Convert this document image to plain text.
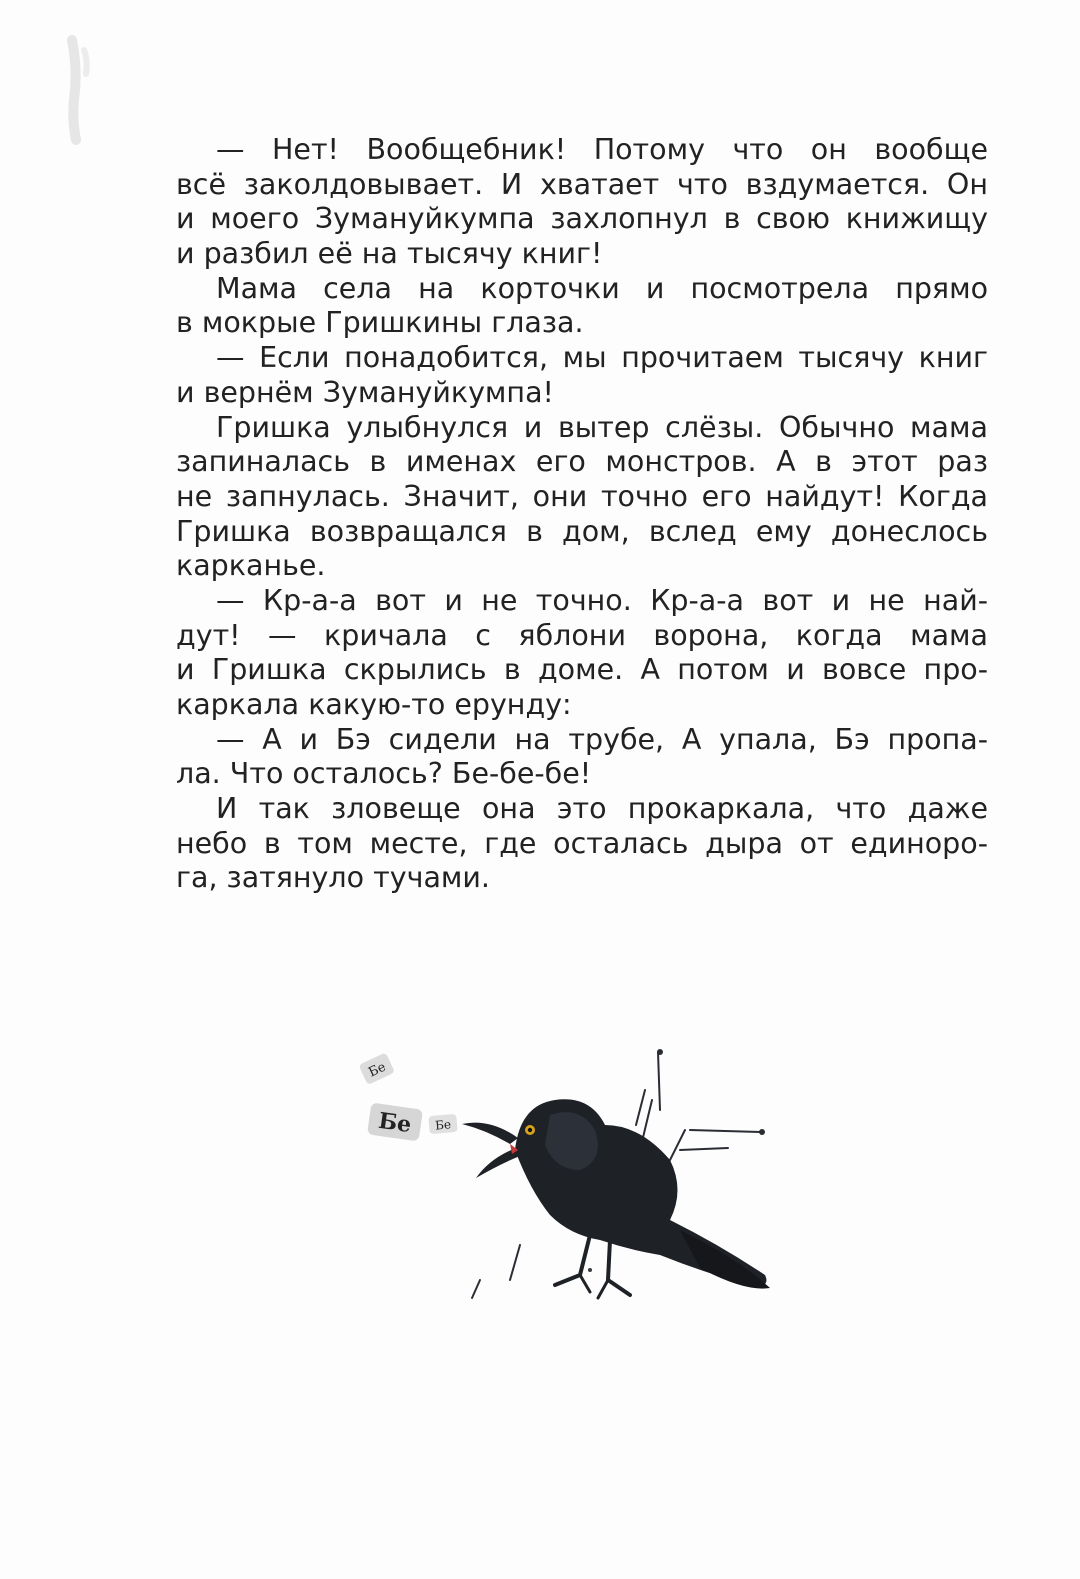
— Нет! Вообщебник! Потому что он вообще
всё заколдовывает. И хватает что вздумается. Он
и моего Зумануйкумпа захлопнул в свою книжищу
и разбил её на тысячу книг!
Мама села на корточки и посмотрела прямо
в мокрые Гришкины глаза.
— Если понадобится, мы прочитаем тысячу книг
и вернём Зумануйкумпа!
Гришка улыбнулся и вытер слёзы. Обычно мама
запиналась в именах его монстров. А в этот раз
не запнулась. Значит, они точно его найдут! Когда
Гришка возвращался в дом, вслед ему донеслось
карканье.
— Кр-а-а вот и не точно. Кр-а-а вот и не най-
дут! — кричала с яблони ворона, когда мама
и Гришка скрылись в доме. А потом и вовсе про-
каркала какую-то ерунду:
— А и Бэ сидели на трубе, А упала, Бэ пропа-
ла. Что осталось? Бе-бе-бе!
И так зловеще она это прокаркала, что даже
небо в том месте, где осталась дыра от единоро-
га, затянуло тучами.
Бе
Бе Бе
